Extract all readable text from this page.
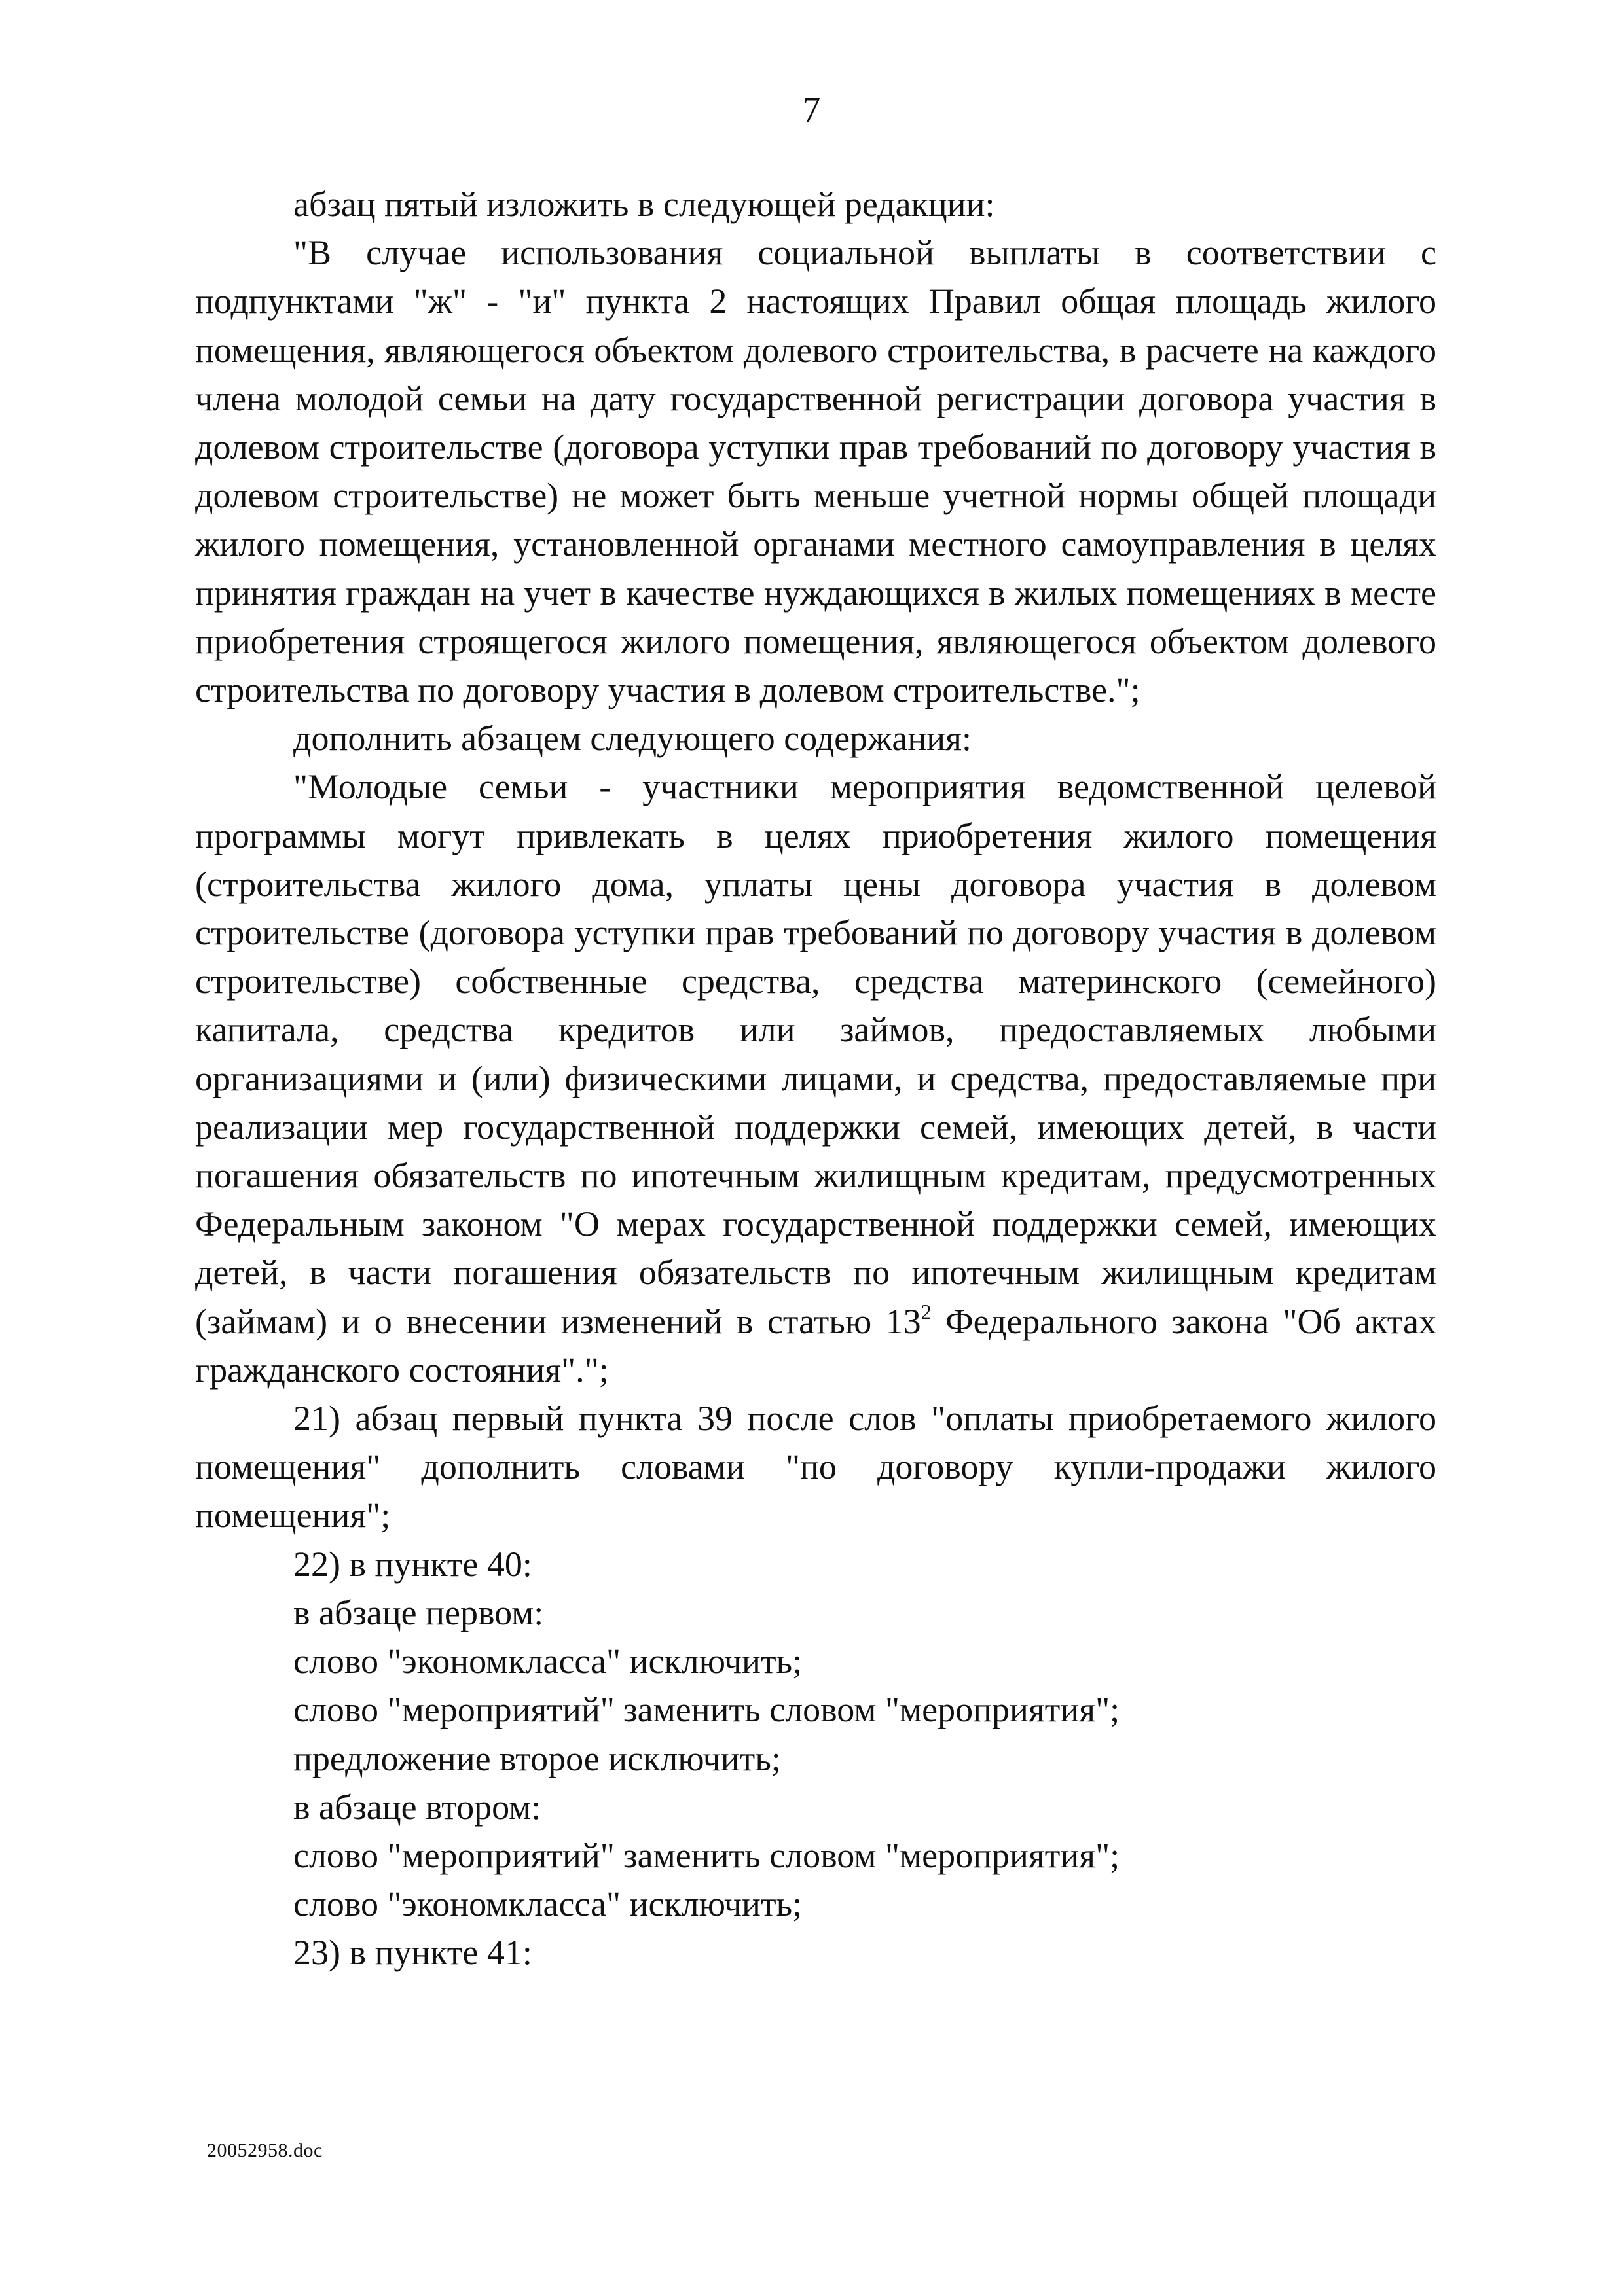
7

абзац пятый изложить в следующей редакции:

"В случае использования социальной выплаты в соответствии с подпунктами "ж" - "и" пункта 2 настоящих Правил общая площадь жилого помещения, являющегося объектом долевого строительства, в расчете на каждого члена молодой семьи на дату государственной регистрации договора участия в долевом строительстве (договора уступки прав требований по договору участия в долевом строительстве) не может быть меньше учетной нормы общей площади жилого помещения, установленной органами местного самоуправления в целях принятия граждан на учет в качестве нуждающихся в жилых помещениях в месте приобретения строящегося жилого помещения, являющегося объектом долевого строительства по договору участия в долевом строительстве.";

дополнить абзацем следующего содержания:

"Молодые семьи - участники мероприятия ведомственной целевой программы могут привлекать в целях приобретения жилого помещения (строительства жилого дома, уплаты цены договора участия в долевом строительстве (договора уступки прав требований по договору участия в долевом строительстве) собственные средства, средства материнского (семейного) капитала, средства кредитов или займов, предоставляемых любыми организациями и (или) физическими лицами, и средства, предоставляемые при реализации мер государственной поддержки семей, имеющих детей, в части погашения обязательств по ипотечным жилищным кредитам, предусмотренных Федеральным законом "О мерах государственной поддержки семей, имеющих детей, в части погашения обязательств по ипотечным жилищным кредитам (займам) и о внесении изменений в статью $13^2$ Федерального закона "Об актах гражданского состояния".";

21) абзац первый пункта 39 после слов "оплаты приобретаемого жилого помещения" дополнить словами "по договору купли-продажи жилого помещения";

22) в пункте 40:

в абзаце первом:

слово "экономкласса" исключить;

слово "мероприятий" заменить словом "мероприятия";

предложение второе исключить;

в абзаце втором:

слово "мероприятий" заменить словом "мероприятия";

слово "экономкласса" исключить;

23) в пункте 41:

20052958.doc
